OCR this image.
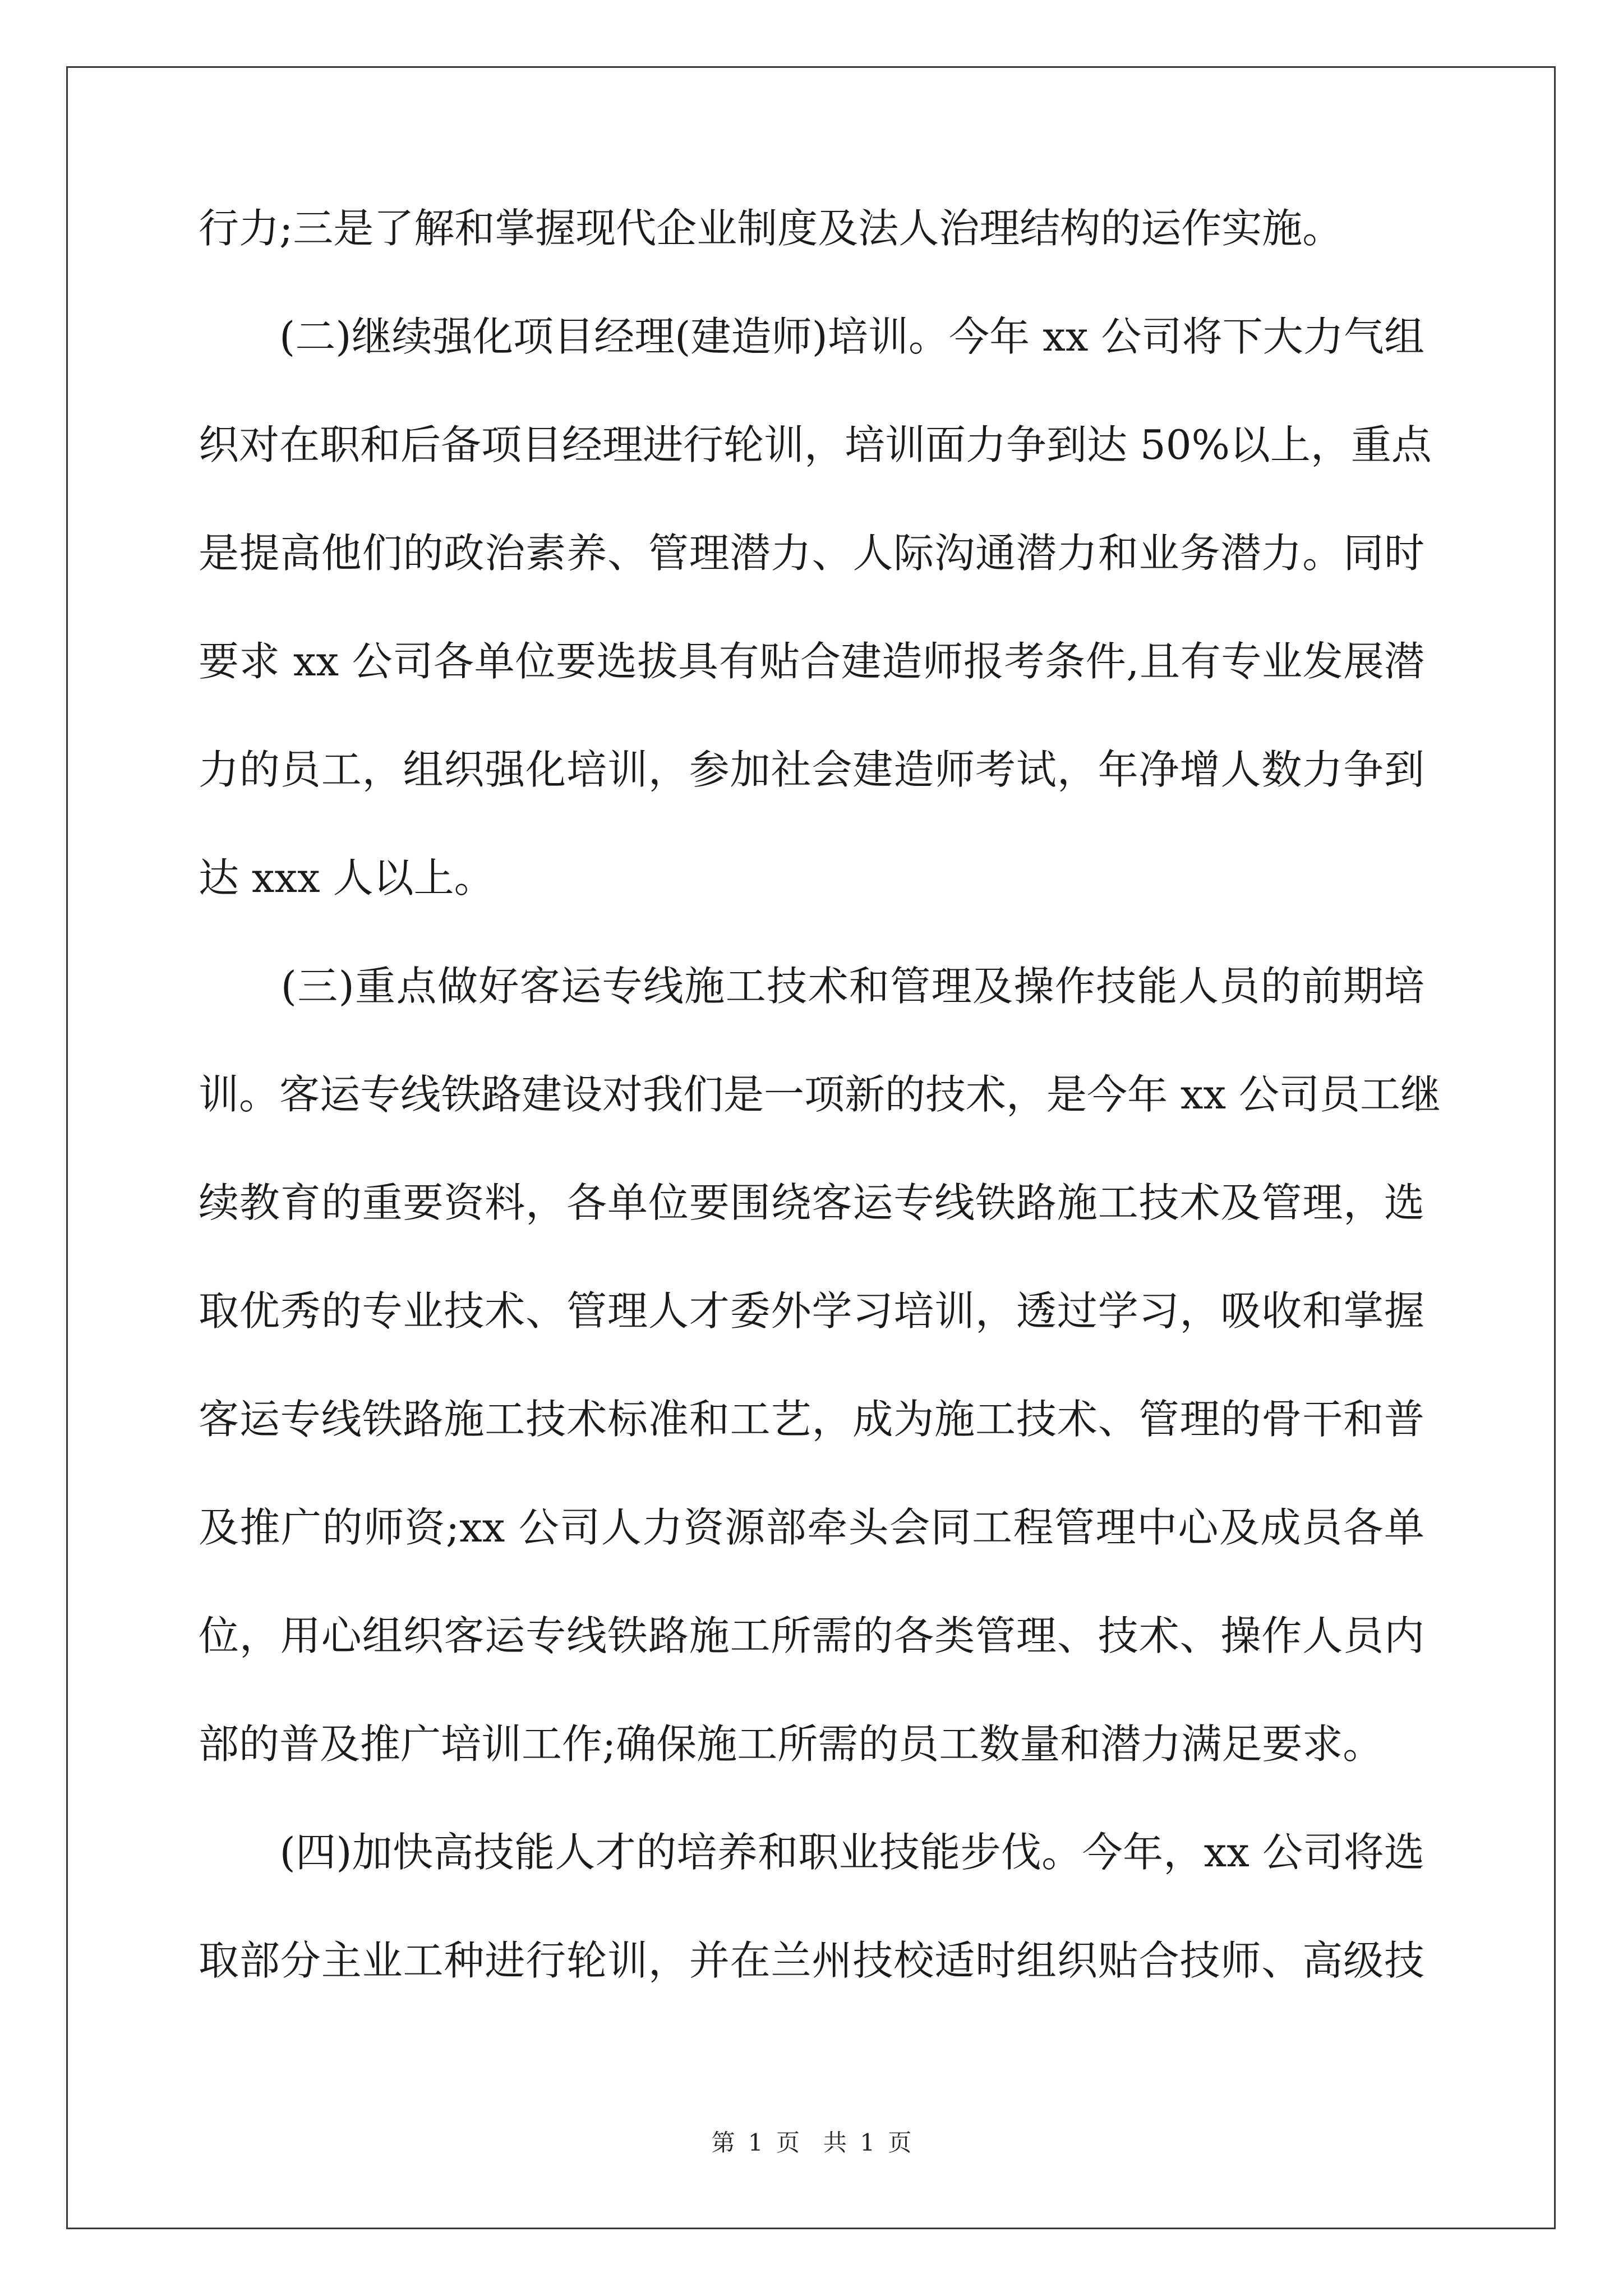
行力;三是了解和掌握现代企业制度及法人治理结构的运作实施。
　　(二)继续强化项目经理(建造师)培训。今年 xx 公司将下大力气组
织对在职和后备项目经理进行轮训，培训面力争到达 50%以上，重点
是提高他们的政治素养、管理潜力、人际沟通潜力和业务潜力。同时
要求 xx 公司各单位要选拔具有贴合建造师报考条件,且有专业发展潜
力的员工，组织强化培训，参加社会建造师考试，年净增人数力争到
达 xxx 人以上。
　　(三)重点做好客运专线施工技术和管理及操作技能人员的前期培
训。客运专线铁路建设对我们是一项新的技术，是今年 xx 公司员工继
续教育的重要资料，各单位要围绕客运专线铁路施工技术及管理，选
取优秀的专业技术、管理人才委外学习培训，透过学习，吸收和掌握
客运专线铁路施工技术标准和工艺，成为施工技术、管理的骨干和普
及推广的师资;xx 公司人力资源部牵头会同工程管理中心及成员各单
位，用心组织客运专线铁路施工所需的各类管理、技术、操作人员内
部的普及推广培训工作;确保施工所需的员工数量和潜力满足要求。
　　(四)加快高技能人才的培养和职业技能步伐。今年，xx 公司将选
取部分主业工种进行轮训，并在兰州技校适时组织贴合技师、高级技
第 1 页　共 1 页
